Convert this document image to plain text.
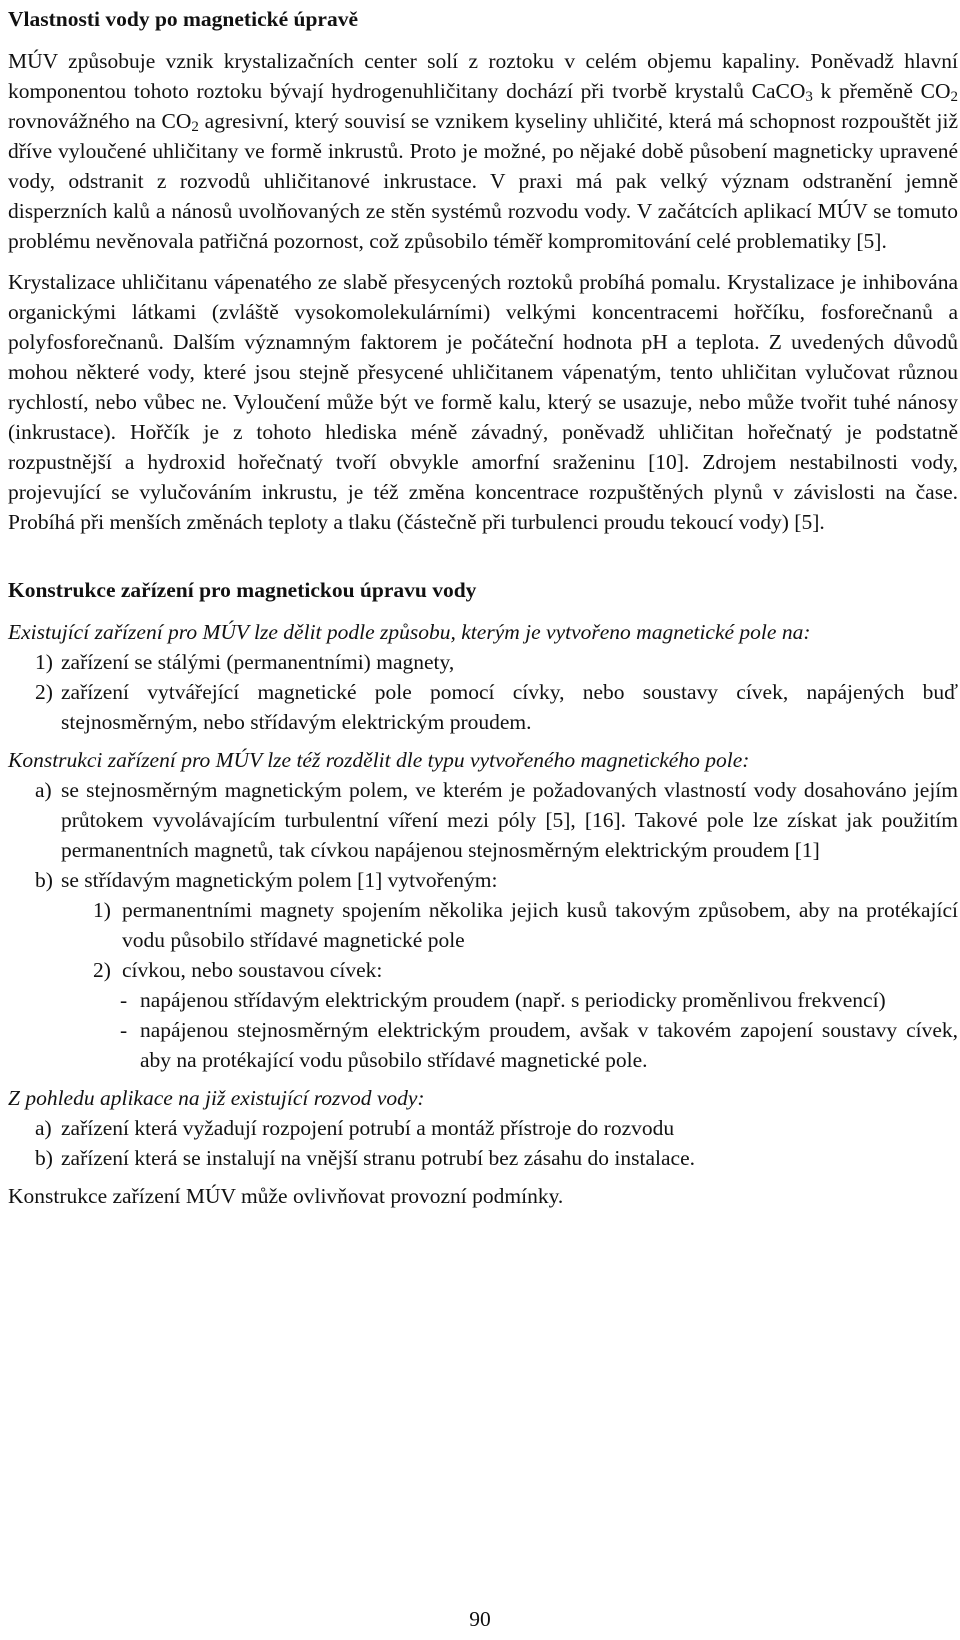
Vlastnosti vody po magnetické úpravě

MÚV způsobuje vznik krystalizačních center solí z roztoku v celém objemu kapaliny. Poněvadž hlavní komponentou tohoto roztoku bývají hydrogenuhličitany dochází při tvorbě krystalů CaCO$_3$ k přeměně $CO_2$ rovnovážného na $CO_2$ agresivní, který souvisí se vznikem kyseliny uhličité, která má schopnost rozpouštět již dříve vyloučené uhličitany ve formě inkrustů. Proto je možné, po nějaké době působení magneticky upravené vody, odstranit z rozvodů uhličitanové inkrustace. V praxi má pak velký význam odstranění jemně disperzních kalů a nánosů uvolňovaných ze stěn systémů rozvodu vody. V začátcích aplikací MÚV se tomuto problému nevěnovala patřičná pozornost, což způsobilo téměř kompromitování celé problematiky [5].

Krystalizace uhličitanu vápenatého ze slabě přesycených roztoků probíhá pomalu. Krystalizace je inhibována organickými látkami (zvláště vysokomolekulárními) velkými koncentracemi hořčíku, fosforečnanů a polyfosforečnanů. Dalším významným faktorem je počáteční hodnota pH a teplota. Z uvedených důvodů mohou některé vody, které jsou stejně přesycené uhličitanem vápenatým, tento uhličitan vylučovat různou rychlostí, nebo vůbec ne. Vyloučení může být ve formě kalu, který se usazuje, nebo může tvořit tuhé nánosy (inkrustace). Hořčík je z tohoto hlediska méně závadný, poněvadž uhličitan hořečnatý je podstatně rozpustnější a hydroxid hořečnatý tvoří obvykle amorfní sraženinu [10]. Zdrojem nestabilnosti vody, projevující se vylučováním inkrustu, je též změna koncentrace rozpuštěných plynů v závislosti na čase. Probíhá při menších změnách teploty a tlaku (částečně při turbulenci proudu tekoucí vody) [5].

Konstrukce zařízení pro magnetickou úpravu vody

Existující zařízení pro MÚV lze dělit podle způsobu, kterým je vytvořeno magnetické pole na:

1) zařízení se stálými (permanentními) magnety,
2) zařízení vytvářející magnetické pole pomocí cívky, nebo soustavy cívek, napájených buď stejnosměrným, nebo střídavým elektrickým proudem.

Konstrukci zařízení pro MÚV lze též rozdělit dle typu vytvořeného magnetického pole:

a) se stejnosměrným magnetickým polem, ve kterém je požadovaných vlastností vody dosahováno jejím průtokem vyvolávajícím turbulentní víření mezi póly [5], [16]. Takové pole lze získat jak použitím permanentních magnetů, tak cívkou napájenou stejnosměrným elektrickým proudem [1]
b) se střídavým magnetickým polem [1] vytvořeným:
1) permanentními magnety spojením několika jejich kusů takovým způsobem, aby na protékající vodu působilo střídavé magnetické pole
2) cívkou, nebo soustavou cívek:
- napájenou střídavým elektrickým proudem (např. s periodicky proměnlivou frekvencí)
- napájenou stejnosměrným elektrickým proudem, avšak v takovém zapojení soustavy cívek, aby na protékající vodu působilo střídavé magnetické pole.

Z pohledu aplikace na již existující rozvod vody:

a) zařízení která vyžadují rozpojení potrubí a montáž přístroje do rozvodu
b) zařízení která se instalují na vnější stranu potrubí bez zásahu do instalace.

Konstrukce zařízení MÚV může ovlivňovat provozní podmínky.

90
